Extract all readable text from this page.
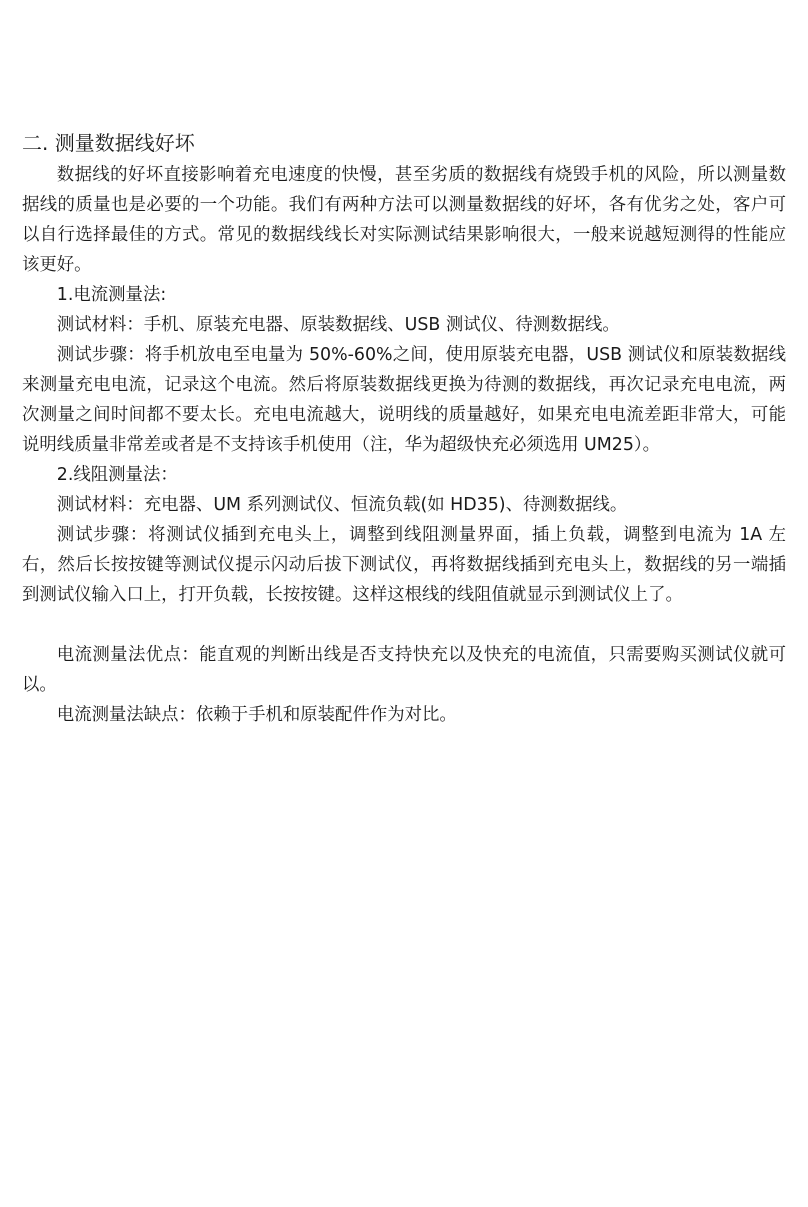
二. 测量数据线好坏

数据线的好坏直接影响着充电速度的快慢，甚至劣质的数据线有烧毁手机的风险，所以测量数据线的质量也是必要的一个功能。我们有两种方法可以测量数据线的好坏，各有优劣之处，客户可以自行选择最佳的方式。常见的数据线线长对实际测试结果影响很大，一般来说越短测得的性能应该更好。

1.电流测量法:

测试材料：手机、原装充电器、原装数据线、USB 测试仪、待测数据线。

测试步骤：将手机放电至电量为 50%-60%之间，使用原装充电器，USB 测试仪和原装数据线来测量充电电流，记录这个电流。然后将原装数据线更换为待测的数据线，再次记录充电电流，两次测量之间时间都不要太长。充电电流越大，说明线的质量越好，如果充电电流差距非常大，可能说明线质量非常差或者是不支持该手机使用（注，华为超级快充必须选用 UM25）。

2.线阻测量法：

测试材料：充电器、UM 系列测试仪、恒流负载(如 HD35)、待测数据线。

测试步骤：将测试仪插到充电头上，调整到线阻测量界面，插上负载，调整到电流为 1A 左右，然后长按按键等测试仪提示闪动后拔下测试仪，再将数据线插到充电头上，数据线的另一端插到测试仪输入口上，打开负载，长按按键。这样这根线的线阻值就显示到测试仪上了。

电流测量法优点：能直观的判断出线是否支持快充以及快充的电流值，只需要购买测试仪就可以。

电流测量法缺点：依赖于手机和原装配件作为对比。
